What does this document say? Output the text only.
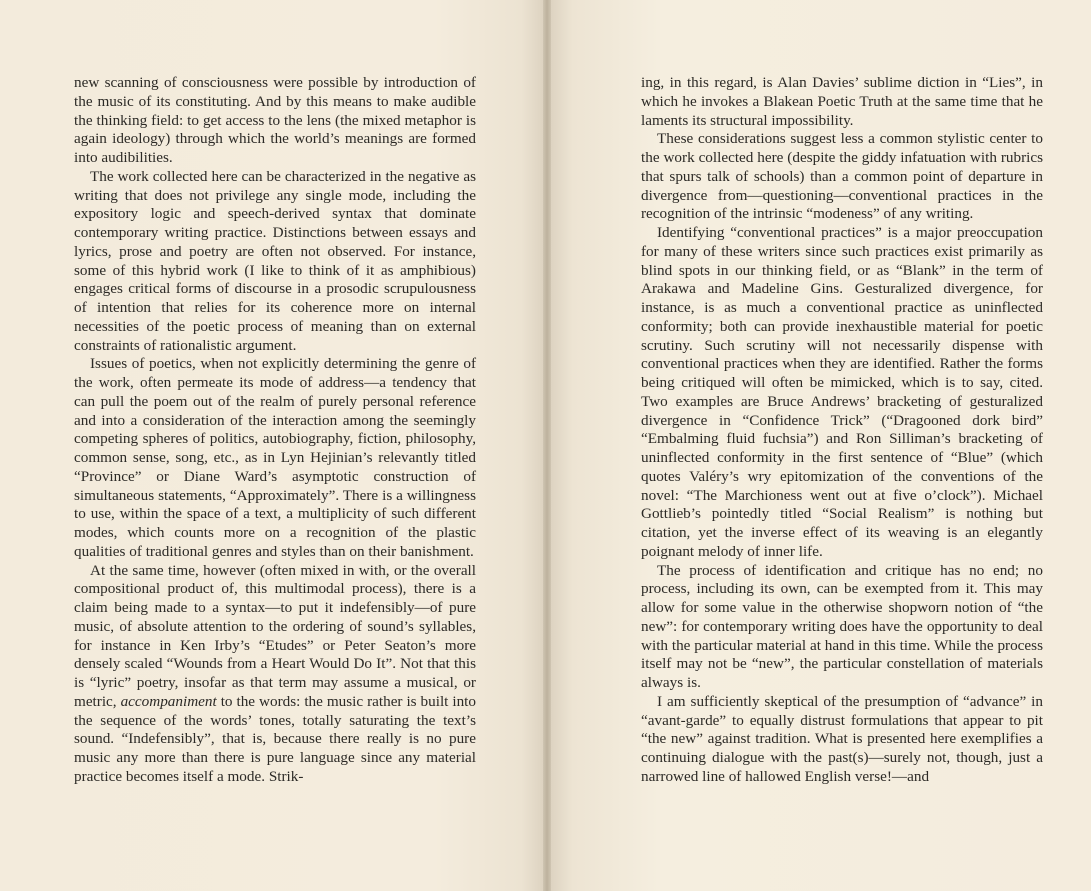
new scanning of consciousness were possible by introduction of the music of its constituting. And by this means to make audible the thinking field: to get access to the lens (the mixed metaphor is again ideology) through which the world’s meanings are formed into audibilities.

The work collected here can be characterized in the negative as writing that does not privilege any single mode, including the expository logic and speech-derived syntax that dominate contemporary writing practice. Distinctions between essays and lyrics, prose and poetry are often not observed. For instance, some of this hybrid work (I like to think of it as amphibious) engages critical forms of discourse in a prosodic scrupulousness of intention that relies for its coherence more on internal necessities of the poetic process of meaning than on external constraints of rationalistic argument.

Issues of poetics, when not explicitly determining the genre of the work, often permeate its mode of address—a tendency that can pull the poem out of the realm of purely personal reference and into a consideration of the interaction among the seemingly competing spheres of politics, autobiography, fiction, philosophy, common sense, song, etc., as in Lyn Hejinian’s relevantly titled “Province” or Diane Ward’s asymptotic construction of simultaneous statements, “Approximately”. There is a willingness to use, within the space of a text, a multiplicity of such different modes, which counts more on a recognition of the plastic qualities of traditional genres and styles than on their banishment.

At the same time, however (often mixed in with, or the overall compositional product of, this multimodal process), there is a claim being made to a syntax—to put it indefensibly—of pure music, of absolute attention to the ordering of sound’s syllables, for instance in Ken Irby’s “Etudes” or Peter Seaton’s more densely scaled “Wounds from a Heart Would Do It”. Not that this is “lyric” poetry, insofar as that term may assume a musical, or metric, accompaniment to the words: the music rather is built into the sequence of the words’ tones, totally saturating the text’s sound. “Indefensibly”, that is, because there really is no pure music any more than there is pure language since any material practice becomes itself a mode. Strik-

ing, in this regard, is Alan Davies’ sublime diction in “Lies”, in which he invokes a Blakean Poetic Truth at the same time that he laments its structural impossibility.

These considerations suggest less a common stylistic center to the work collected here (despite the giddy infatuation with rubrics that spurs talk of schools) than a common point of departure in divergence from—questioning—conventional practices in the recognition of the intrinsic “modeness” of any writing.

Identifying “conventional practices” is a major preoccupation for many of these writers since such practices exist primarily as blind spots in our thinking field, or as “Blank” in the term of Arakawa and Madeline Gins. Gesturalized divergence, for instance, is as much a conventional practice as uninflected conformity; both can provide inexhaustible material for poetic scrutiny. Such scrutiny will not necessarily dispense with conventional practices when they are identified. Rather the forms being critiqued will often be mimicked, which is to say, cited. Two examples are Bruce Andrews’ bracketing of gesturalized divergence in “Confidence Trick” (“Dragooned dork bird” “Embalming fluid fuchsia”) and Ron Silliman’s bracketing of uninflected conformity in the first sentence of “Blue” (which quotes Valéry’s wry epitomization of the conventions of the novel: “The Marchioness went out at five o’clock”). Michael Gottlieb’s pointedly titled “Social Realism” is nothing but citation, yet the inverse effect of its weaving is an elegantly poignant melody of inner life.

The process of identification and critique has no end; no process, including its own, can be exempted from it. This may allow for some value in the otherwise shopworn notion of “the new”: for contemporary writing does have the opportunity to deal with the particular material at hand in this time. While the process itself may not be “new”, the particular constellation of materials always is.

I am sufficiently skeptical of the presumption of “advance” in “avant-garde” to equally distrust formulations that appear to pit “the new” against tradition. What is presented here exemplifies a continuing dialogue with the past(s)—surely not, though, just a narrowed line of hallowed English verse!—and
